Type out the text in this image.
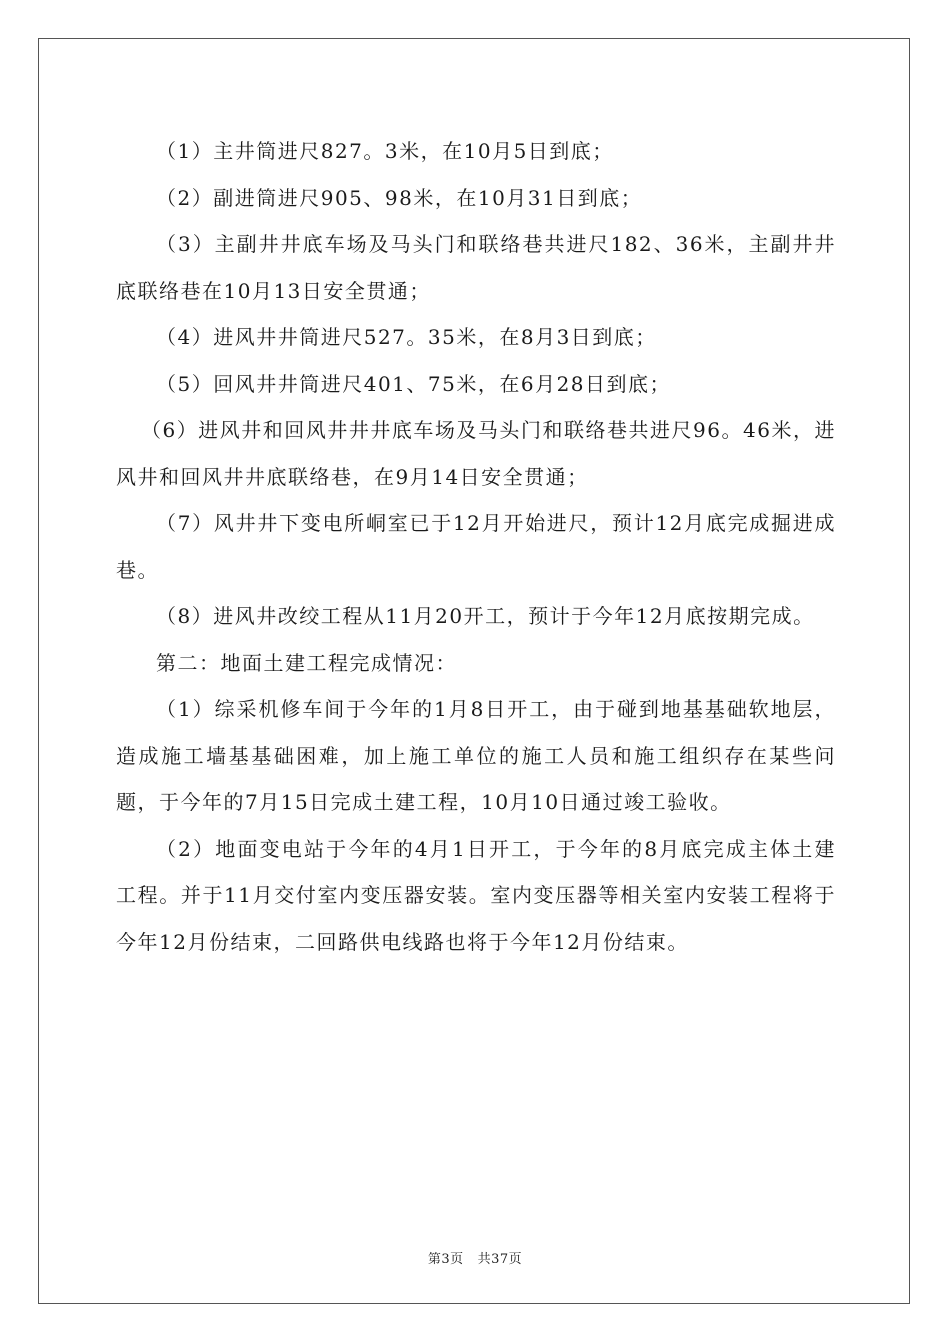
（1）主井筒进尺827。3米，在10月5日到底；

（2）副进筒进尺905、98米，在10月31日到底；

（3）主副井井底车场及马头门和联络巷共进尺182、36米，主副井井底联络巷在10月13日安全贯通；

（4）进风井井筒进尺527。35米，在8月3日到底；

（5）回风井井筒进尺401、75米，在6月28日到底；

（6）进风井和回风井井井底车场及马头门和联络巷共进尺96。46米，进风井和回风井井底联络巷，在9月14日安全贯通；

（7）风井井下变电所峒室已于12月开始进尺，预计12月底完成掘进成巷。

（8）进风井改绞工程从11月20开工，预计于今年12月底按期完成。

第二：地面土建工程完成情况：

（1）综采机修车间于今年的1月8日开工，由于碰到地基基础软地层，造成施工墙基基础困难，加上施工单位的施工人员和施工组织存在某些问题，于今年的7月15日完成土建工程，10月10日通过竣工验收。

（2）地面变电站于今年的4月1日开工，于今年的8月底完成主体土建工程。并于11月交付室内变压器安装。室内变压器等相关室内安装工程将于今年12月份结束，二回路供电线路也将于今年12月份结束。

第3页 共37页
